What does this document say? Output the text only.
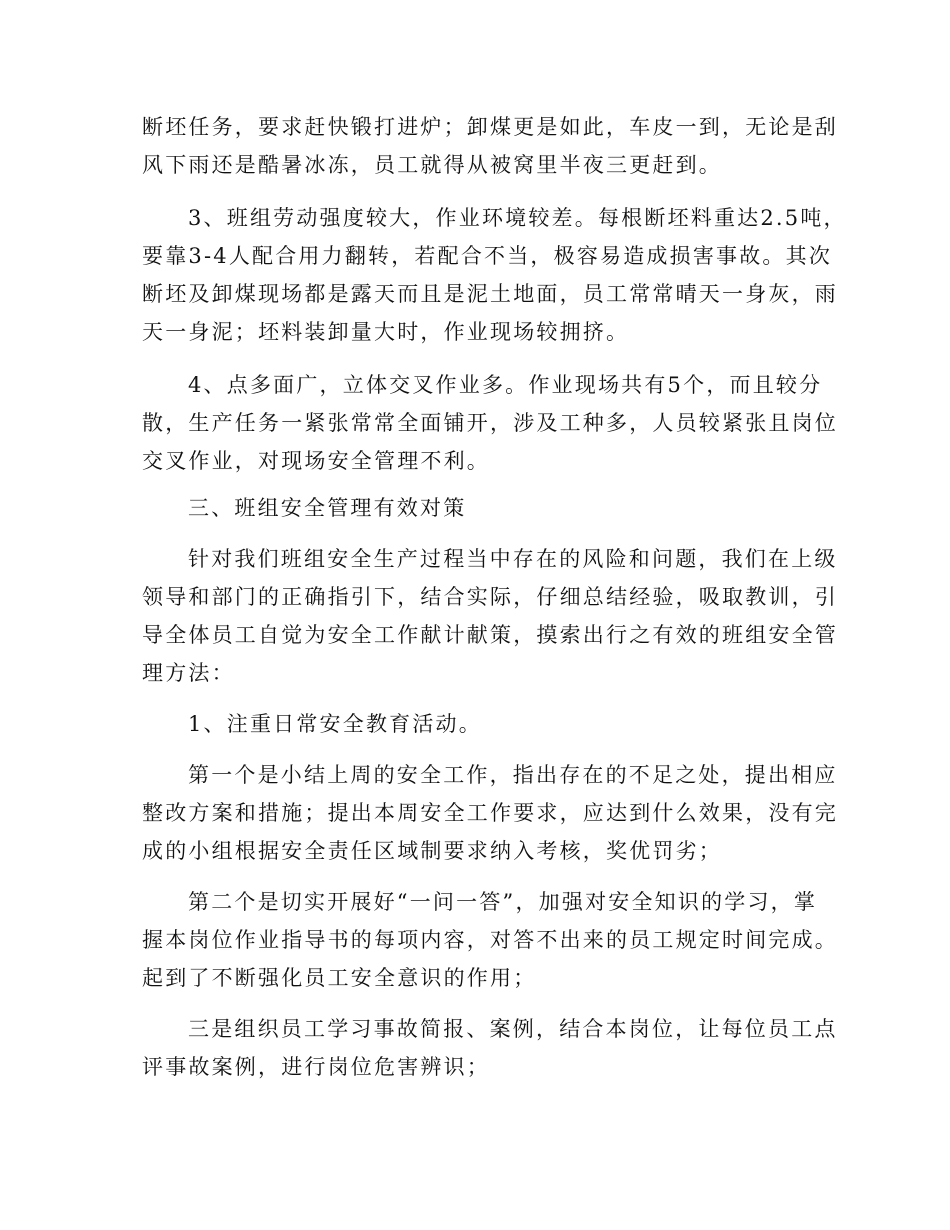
断坯任务，要求赶快锻打进炉；卸煤更是如此，车皮一到，无论是刮
风下雨还是酷暑冰冻，员工就得从被窝里半夜三更赶到。
3、班组劳动强度较大，作业环境较差。每根断坯料重达2.5吨，
要靠3-4人配合用力翻转，若配合不当，极容易造成损害事故。其次
断坯及卸煤现场都是露天而且是泥土地面，员工常常晴天一身灰，雨
天一身泥；坯料装卸量大时，作业现场较拥挤。
4、点多面广，立体交叉作业多。作业现场共有5个，而且较分
散，生产任务一紧张常常全面铺开，涉及工种多，人员较紧张且岗位
交叉作业，对现场安全管理不利。
三、班组安全管理有效对策
针对我们班组安全生产过程当中存在的风险和问题，我们在上级
领导和部门的正确指引下，结合实际，仔细总结经验，吸取教训，引
导全体员工自觉为安全工作献计献策，摸索出行之有效的班组安全管
理方法：
1、注重日常安全教育活动。
第一个是小结上周的安全工作，指出存在的不足之处，提出相应
整改方案和措施；提出本周安全工作要求，应达到什么效果，没有完
成的小组根据安全责任区域制要求纳入考核，奖优罚劣；
第二个是切实开展好“一问一答”，加强对安全知识的学习，掌
握本岗位作业指导书的每项内容，对答不出来的员工规定时间完成。
起到了不断强化员工安全意识的作用；
三是组织员工学习事故简报、案例，结合本岗位，让每位员工点
评事故案例，进行岗位危害辨识；
